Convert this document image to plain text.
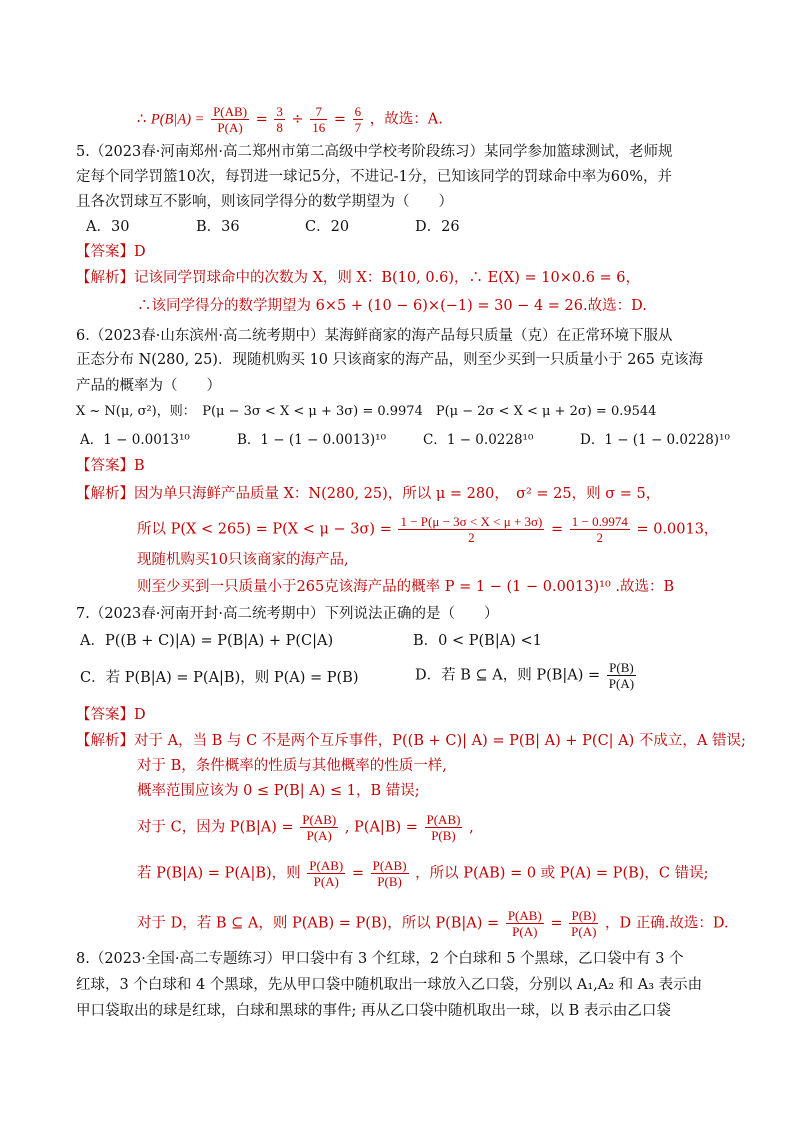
∴ $P(B|A) = \frac{P(AB)}{P(A)} = \frac{3}{8} \div \frac{7}{16} = \frac{6}{7}$ ，故选：A.
5.（2023春·河南郑州·高二郑州市第二高级中学校考阶段练习）某同学参加篮球测试，老师规
定每个同学罚篮10次，每罚进一球记5分，不进记-1分，已知该同学的罚球命中率为60%，并
且各次罚球互不影响，则该同学得分的数学期望为（　　）
A．30	B．36	C．20	D．26
【答案】D
【解析】记该同学罚球命中的次数为 X，则 X：B(10, 0.6)，∴ E(X) = 10×0.6 = 6，
∴该同学得分的数学期望为 6×5 + (10 − 6)×(−1) = 30 − 4 = 26.故选：D.
6.（2023春·山东滨州·高二统考期中）某海鲜商家的海产品每只质量（克）在正常环境下服从
正态分布 N(280, 25)．现随机购买 10 只该商家的海产品，则至少买到一只质量小于 265 克该海
产品的概率为（　　）
X ~ N(μ, σ²)，则：　P(μ − 3σ < X < μ + 3σ) = 0.9974　P(μ − 2σ < X < μ + 2σ) = 0.9544
A．1 − 0.0013¹⁰	B．1 − (1 − 0.0013)¹⁰	C．1 − 0.0228¹⁰	D．1 − (1 − 0.0228)¹⁰
【答案】B
【解析】因为单只海鲜产品质量 X：N(280, 25)，所以 μ = 280，　σ² = 25，则 σ = 5，
所以 $P(X < 265) = P(X < \mu - 3\sigma) = \frac{1 - P(\mu - 3\sigma < X < \mu + 3\sigma)}{2} = \frac{1 - 0.9974}{2} = 0.0013$，
现随机购买10只该商家的海产品,
则至少买到一只质量小于265克该海产品的概率 P = 1 − (1 − 0.0013)¹⁰ .故选：B
7.（2023春·河南开封·高二统考期中）下列说法正确的是（　　）
A．P((B + C)|A) = P(B|A) + P(C|A)	B．0 < P(B|A) <1
C．若 P(B|A) = P(A|B)，则 P(A) = P(B)	D．若 B ⊆ A，则 $P(B|A) = \frac{P(B)}{P(A)}$
【答案】D
【解析】对于 A，当 B 与 C 不是两个互斥事件，P((B + C)| A) = P(B| A) + P(C| A) 不成立，A 错误;
对于 B，条件概率的性质与其他概率的性质一样,
概率范围应该为 0 ≤ P(B| A) ≤ 1，B 错误;
对于 C，因为 $P(B|A) = \frac{P(AB)}{P(A)}$ , $P(A|B) = \frac{P(AB)}{P(B)}$ ,
若 P(B|A) = P(A|B)，则 $\frac{P(AB)}{P(A)} = \frac{P(AB)}{P(B)}$ ，所以 P(AB) = 0 或 P(A) = P(B)，C 错误;
对于 D，若 B ⊆ A，则 P(AB) = P(B)，所以 $P(B|A) = \frac{P(AB)}{P(A)} = \frac{P(B)}{P(A)}$ ，D 正确.故选：D.
8.（2023·全国·高二专题练习）甲口袋中有 3 个红球，2 个白球和 5 个黑球，乙口袋中有 3 个
红球，3 个白球和 4 个黑球，先从甲口袋中随机取出一球放入乙口袋，分别以 A₁,A₂ 和 A₃ 表示由
甲口袋取出的球是红球，白球和黑球的事件; 再从乙口袋中随机取出一球，以 B 表示由乙口袋
